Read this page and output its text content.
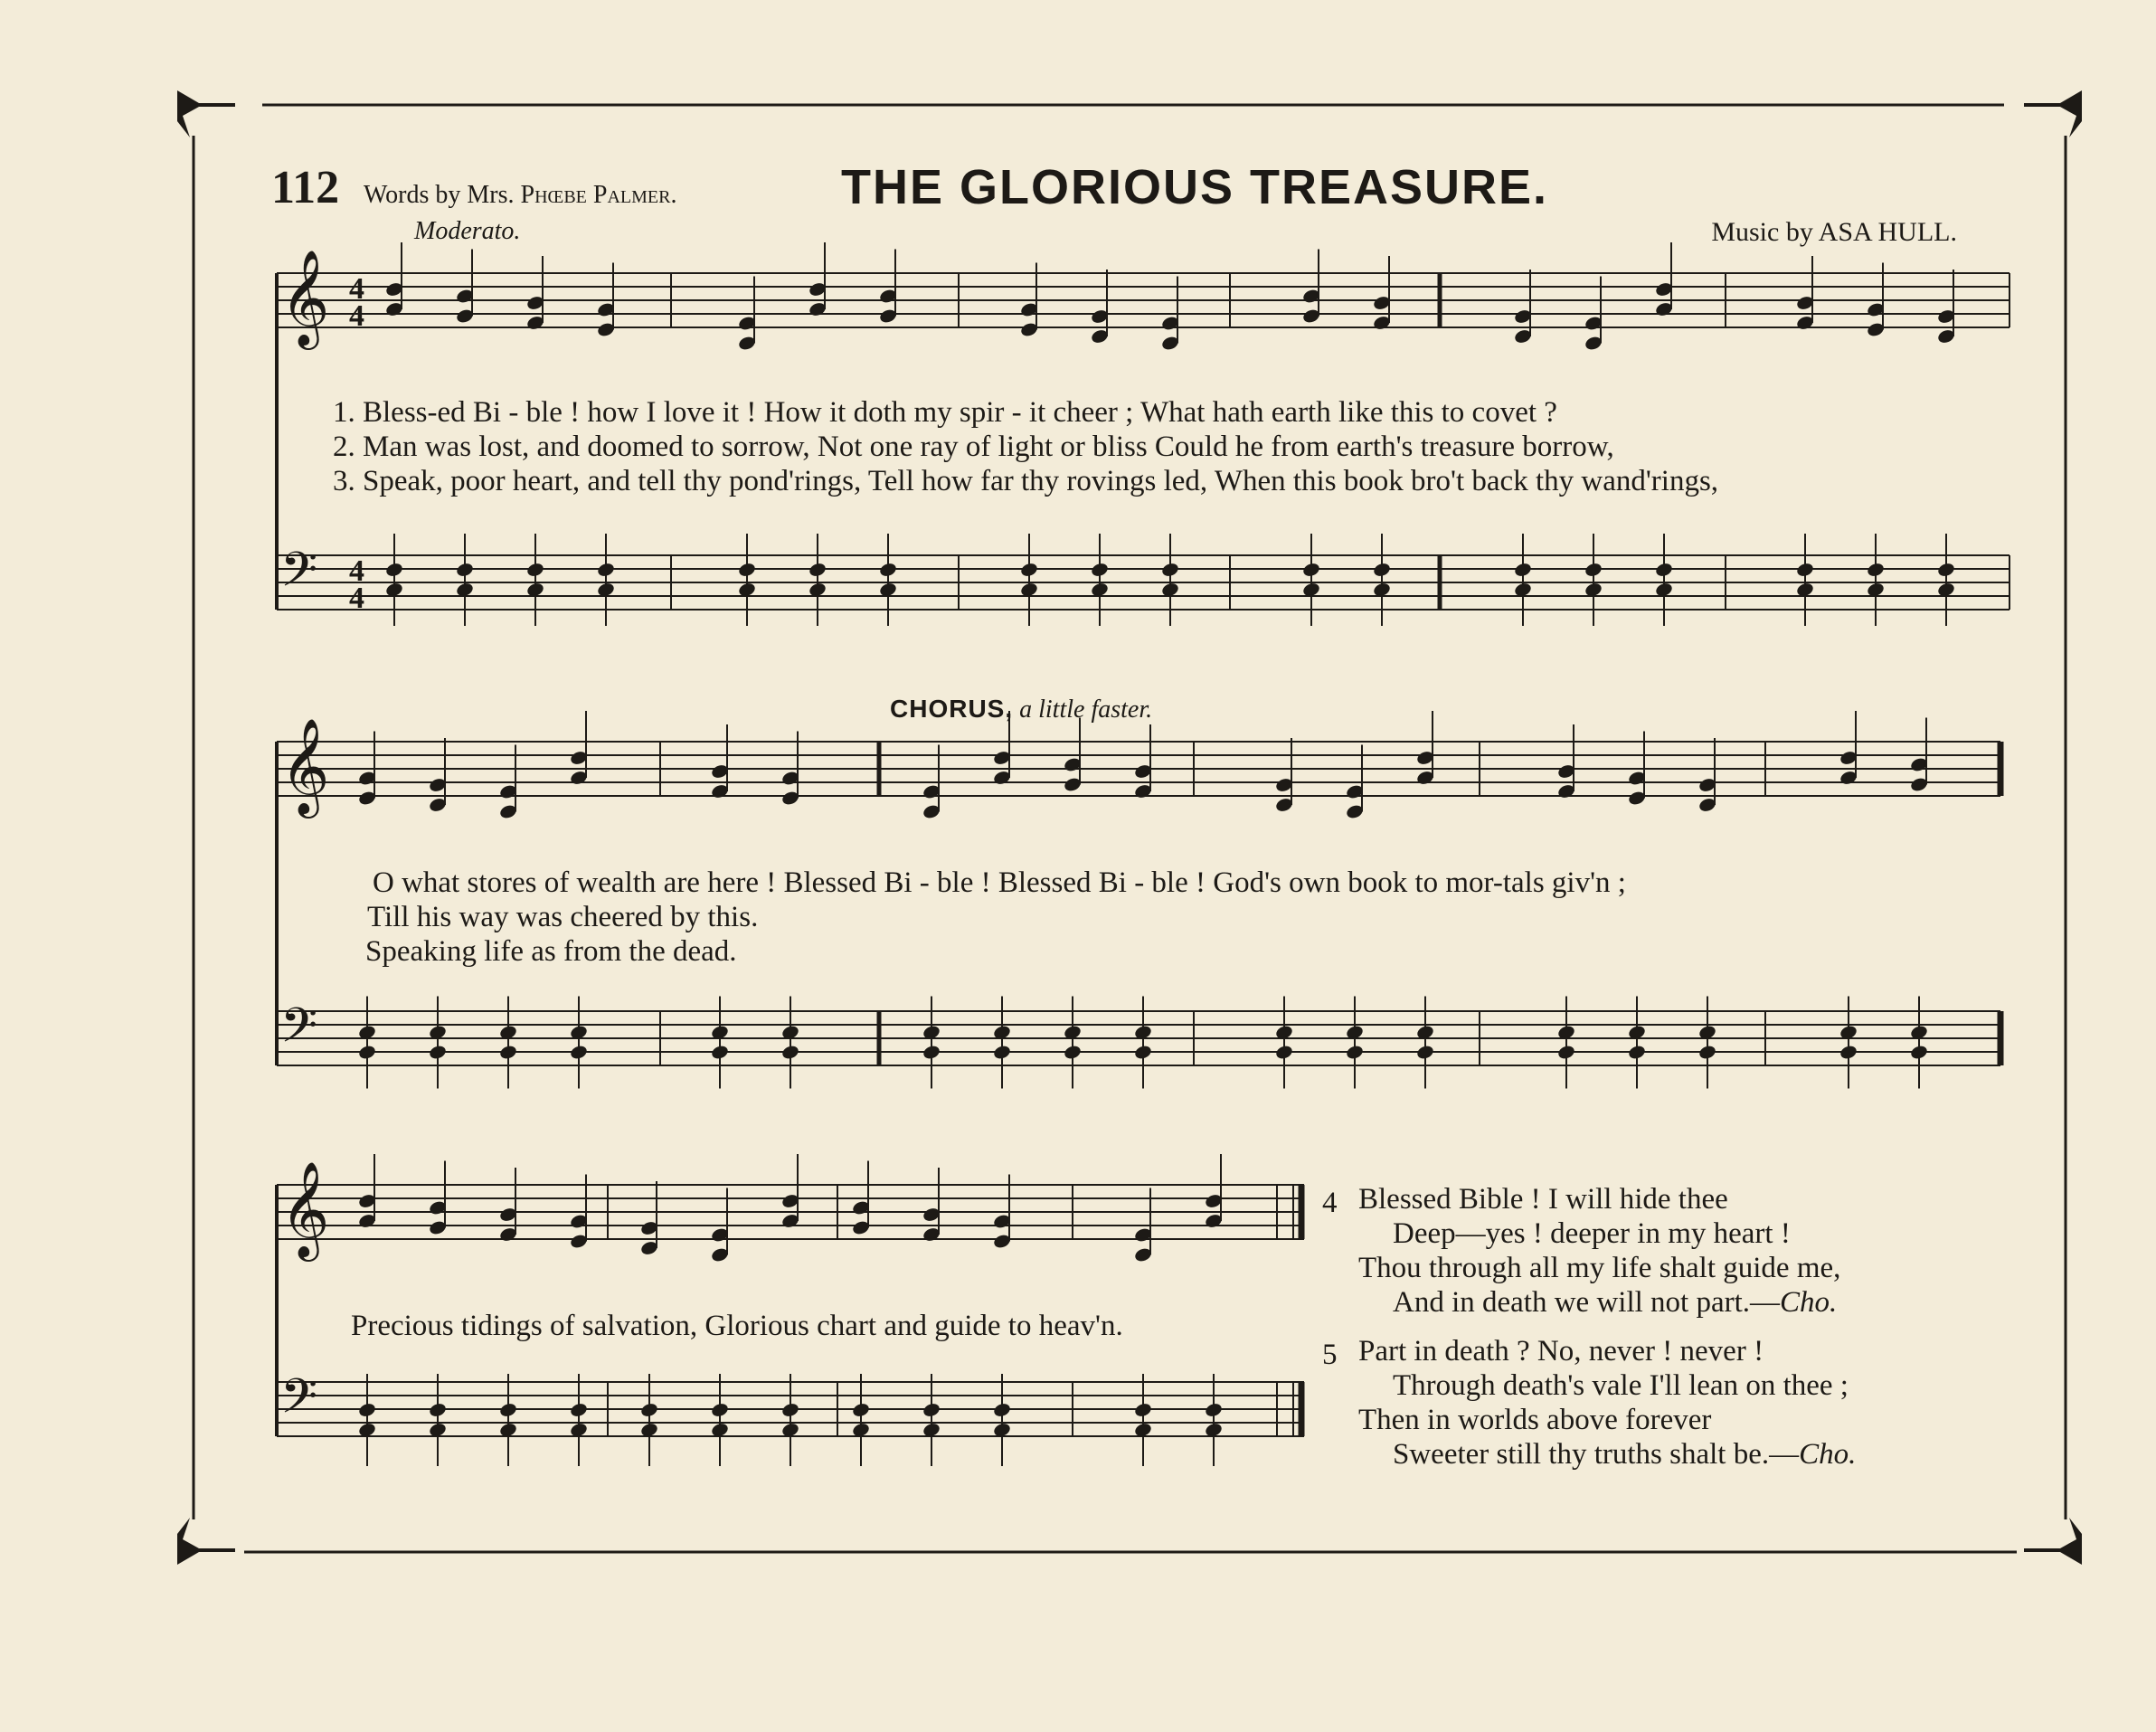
𝄞 4
4
𝄢 4
4
𝄞
𝄢
𝄞
𝄢
112 Words by Mrs. Phœbe Palmer.	THE GLORIOUS TREASURE.
Moderato.	Music by ASA HULL.
1. Bless-ed Bi - ble ! how I love it ! How it doth my spir - it cheer ; What hath earth like this to covet ?
2. Man was lost, and doomed to sorrow, Not one ray of light or bliss Could he from earth's treasure borrow,
3. Speak, poor heart, and tell thy pond'rings, Tell how far thy rovings led, When this book bro't back thy wand'rings,
CHORUS, a little faster.
O what stores of wealth are here ! Blessed Bi - ble ! Blessed Bi - ble ! God's own book to mor-tals giv'n ;
Till his way was cheered by this.
Speaking life as from the dead.
Precious tidings of salvation, Glorious chart and guide to heav'n.
4 Blessed Bible ! I will hide thee
Deep—yes ! deeper in my heart !
Thou through all my life shalt guide me,
And in death we will not part.—Cho.
5 Part in death ? No, never ! never !
Through death's vale I'll lean on thee ;
Then in worlds above forever
Sweeter still thy truths shalt be.—Cho.
